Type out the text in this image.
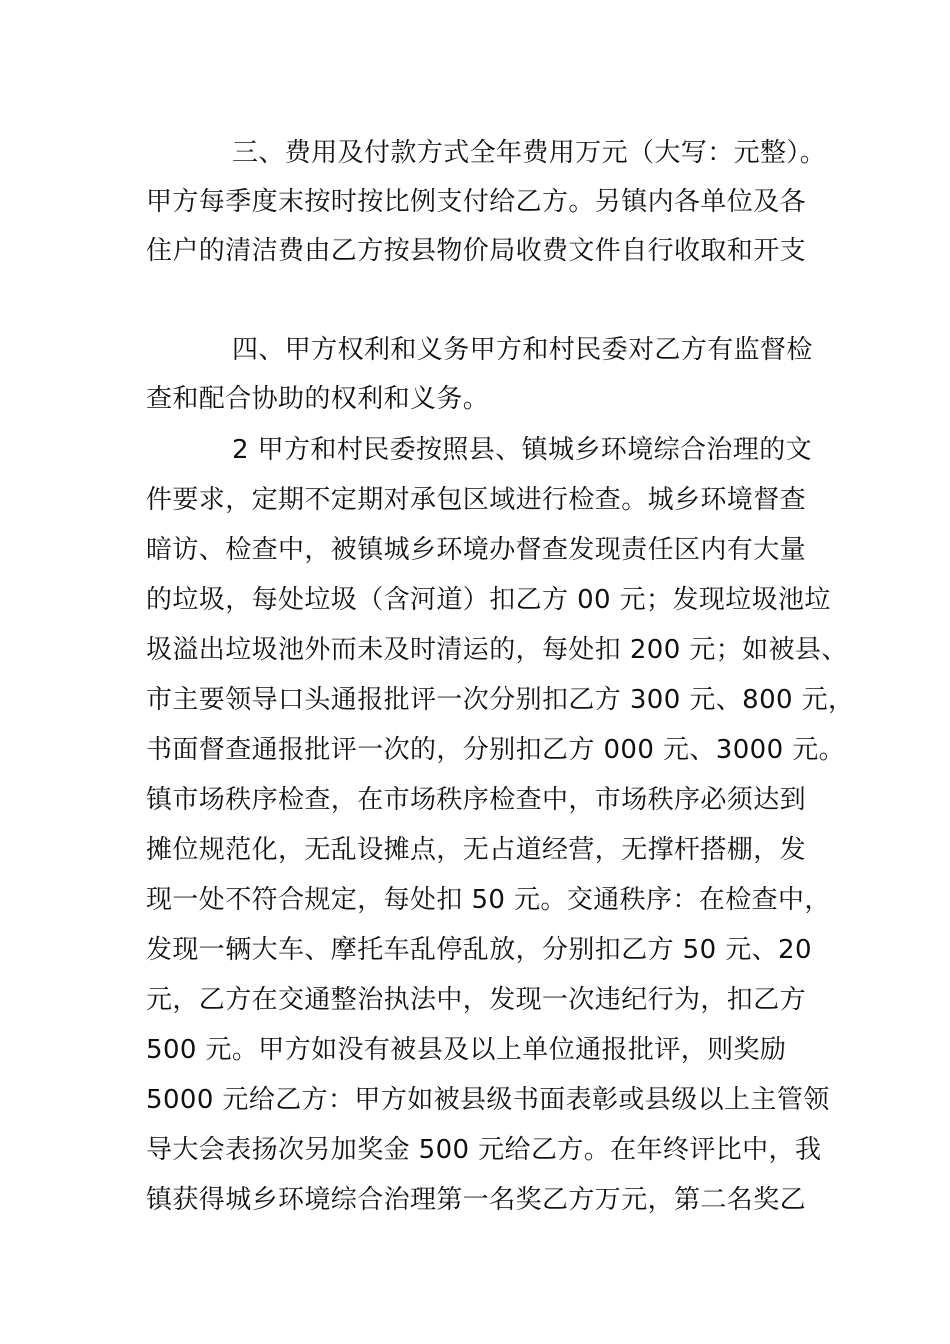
三、费用及付款方式全年费用万元（大写：元整）。
甲方每季度末按时按比例支付给乙方。另镇内各单位及各
住户的清洁费由乙方按县物价局收费文件自行收取和开支
四、甲方权利和义务甲方和村民委对乙方有监督检
查和配合协助的权利和义务。
2 甲方和村民委按照县、镇城乡环境综合治理的文
件要求，定期不定期对承包区域进行检查。城乡环境督查
暗访、检查中，被镇城乡环境办督查发现责任区内有大量
的垃圾，每处垃圾（含河道）扣乙方 00 元；发现垃圾池垃
圾溢出垃圾池外而未及时清运的，每处扣 200 元；如被县、
市主要领导口头通报批评一次分别扣乙方 300 元、800 元，
书面督查通报批评一次的，分别扣乙方 000 元、3000 元。
镇市场秩序检查，在市场秩序检查中，市场秩序必须达到
摊位规范化，无乱设摊点，无占道经营，无撑杆搭棚，发
现一处不符合规定，每处扣 50 元。交通秩序：在检查中，
发现一辆大车、摩托车乱停乱放，分别扣乙方 50 元、20
元，乙方在交通整治执法中，发现一次违纪行为，扣乙方
500 元。甲方如没有被县及以上单位通报批评，则奖励
5000 元给乙方：甲方如被县级书面表彰或县级以上主管领
导大会表扬次另加奖金 500 元给乙方。在年终评比中，我
镇获得城乡环境综合治理第一名奖乙方万元，第二名奖乙
